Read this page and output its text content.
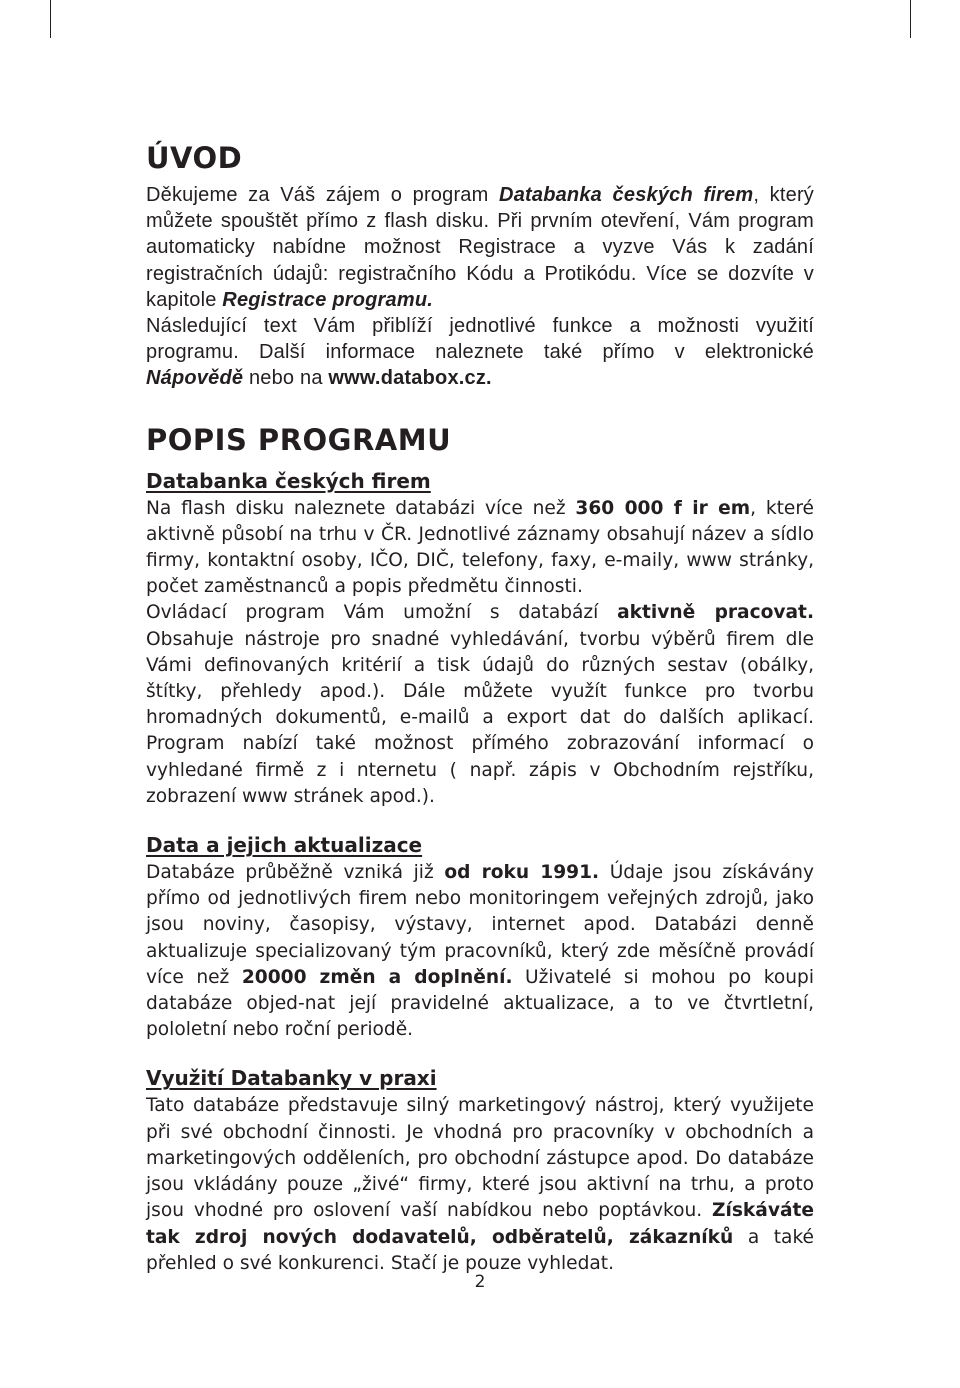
ÚVOD

Děkujeme za Váš zájem o program Databanka českých firem, který můžete spouštět přímo z flash disku. Při prvním otevření, Vám program automaticky nabídne možnost Registrace a vyzve Vás k zadání registračních údajů: registračního Kódu a Protikódu. Více se dozvíte v kapitole Registrace programu.

Následující text Vám přiblíží jednotlivé funkce a možnosti využití programu. Další informace naleznete také přímo v elektronické Nápovědě nebo na www.databox.cz.

POPIS PROGRAMU
Databanka českých firem

Na flash disku naleznete databázi více než 360 000 f ir em, které aktivně působí na trhu v ČR. Jednotlivé záznamy obsahují název a sídlo firmy, kontaktní osoby, IČO, DIČ, telefony, faxy, e-maily, www stránky, počet zaměstnanců a popis předmětu činnosti.

Ovládací program Vám umožní s databází aktivně pracovat. Obsahuje nástroje pro snadné vyhledávání, tvorbu výběrů firem dle Vámi definovaných kritérií a tisk údajů do různých sestav (obálky, štítky, přehledy apod.). Dále můžete využít funkce pro tvorbu hromadných dokumentů, e-mailů a export dat do dalších aplikací. Program nabízí také možnost přímého zobrazování informací o vyhledané firmě z i nternetu ( např. zápis v Obchodním rejstříku, zobrazení www stránek apod.).

Data a jejich aktualizace

Databáze průběžně vzniká již od roku 1991. Údaje jsou získávány přímo od jednotlivých firem nebo monitoringem veřejných zdrojů, jako jsou noviny, časopisy, výstavy, internet apod. Databázi denně aktualizuje specializovaný tým pracovníků, který zde měsíčně provádí více než 20000 změn a doplnění. Uživatelé si mohou po koupi databáze objed-nat její pravidelné aktualizace, a to ve čtvrtletní, pololetní nebo roční periodě.

Využití Databanky v praxi

Tato databáze představuje silný marketingový nástroj, který využijete při své obchodní činnosti. Je vhodná pro pracovníky v obchodních a marketingových odděleních, pro obchodní zástupce apod. Do databáze jsou vkládány pouze „živé“ firmy, které jsou aktivní na trhu, a proto jsou vhodné pro oslovení vaší nabídkou nebo poptávkou. Získáváte tak zdroj nových dodavatelů, odběratelů, zákazníků a také přehled o své konkurenci. Stačí je pouze vyhledat.

2
